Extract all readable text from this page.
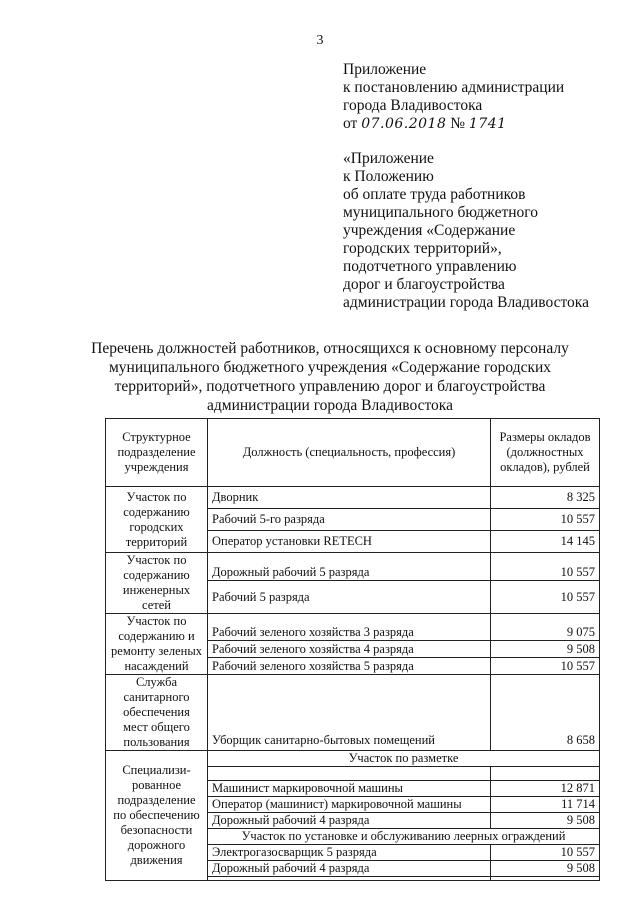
3
Приложение
к постановлению администрации
города Владивостока
от 07.06.2018 № 1741
«Приложение
к Положению
об оплате труда работников
муниципального бюджетного
учреждения «Содержание
городских территорий»,
подотчетного управлению
дорог и благоустройства
администрации города Владивостока
Перечень должностей работников, относящихся к основному персоналу
муниципального бюджетного учреждения «Содержание городских
территорий», подотчетного управлению дорог и благоустройства
администрации города Владивостока
Структурное подразделение учреждения	Должность (специальность, профессия)	Размеры окладов (должностных окладов), рублей
Участок по содержанию городских территорий	Дворник	8 325
	Рабочий 5-го разряда	10 557
	Оператор установки RETECH	14 145
Участок по содержанию инженерных сетей	Дорожный рабочий 5 разряда	10 557
	Рабочий 5 разряда	10 557
Участок по содержанию и ремонту зеленых насаждений	Рабочий зеленого хозяйства 3 разряда	9 075
	Рабочий зеленого хозяйства 4 разряда	9 508
	Рабочий зеленого хозяйства 5 разряда	10 557
Служба санитарного обеспечения мест общего пользования	Уборщик санитарно-бытовых помещений	8 658
Специализи-рованное подразделение по обеспечению безопасности дорожного движения	Участок по разметке	

	Машинист маркировочной машины	12 871
	Оператор (машинист) маркировочной машины	11 714
	Дорожный рабочий 4 разряда	9 508
	Участок по установке и обслуживанию леерных ограждений	
	Электрогазосварщик 5 разряда	10 557
	Дорожный рабочий 4 разряда	9 508
